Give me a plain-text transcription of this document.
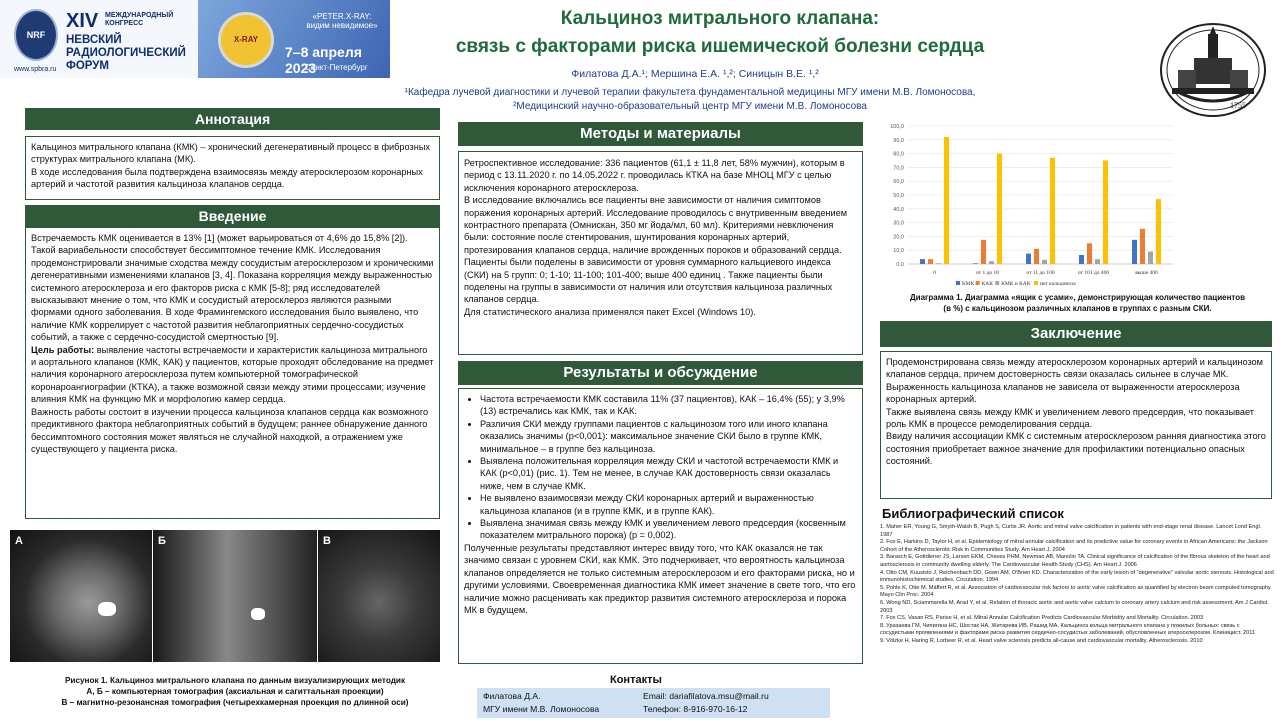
NRF
XIV МЕЖДУНАРОДНЫЙ КОНГРЕСС
НЕВСКИЙ РАДИОЛОГИЧЕСКИЙ ФОРУМ
www.spbra.ru
X-RAY
«PETER.X-RAY: видим невидимое»
7–8 апреля 2023
Санкт-Петербург
Кальциноз митрального клапана:
связь с факторами риска ишемической болезни сердца
Филатова Д.А.¹; Мершина Е.А. ¹,²; Синицын В.Е. ¹,²
¹Кафедра лучевой диагностики и лучевой терапии факультета фундаментальной медицины МГУ имени М.В. Ломоносова,
²Медицинский научно-образовательный центр МГУ имени М.В. Ломоносова	1755
Аннотация

Кальциноз митрального клапана (КМК) – хронический дегенеративный процесс в фиброзных структурах митрального клапана (МК).

В ходе исследования была подтверждена взаимосвязь между атеросклерозом коронарных артерий и частотой развития кальциноза клапанов сердца.

Введение

Встречаемость КМК оценивается в 13% [1] (может варьироваться от 4,6% до 15,8% [2]). Такой вариабельности способствует бессимптомное течение КМК. Исследования продемонстрировали значимые сходства между сосудистым атеросклерозом и хроническими дегенеративными изменениями клапанов [3, 4]. Показана корреляция между выраженностью системного атеросклероза и его факторов риска с КМК [5-8]; ряд исследователей высказывают мнение о том, что КМК и сосудистый атеросклероз являются разными формами одного заболевания. В ходе Фрамингемского исследования было выявлено, что наличие КМК коррелирует с частотой развития неблагоприятных сердечно-сосудистых событий, а также с сердечно-сосудистой смертностью [9].

Цель работы: выявление частоты встречаемости и характеристик кальциноза митрального и аортального клапанов (КМК, КАК) у пациентов, которые проходят обследование на предмет наличия коронарного атеросклероза путем компьютерной томографической коронароангиографии (КТКА), а также возможной связи между этими процессами; изучение влияния КМК на функцию МК и морфологию камер сердца.

Важность работы состоит в изучении процесса кальциноза клапанов сердца как возможного предиктивного фактора неблагоприятных событий в будущем; раннее обнаружение данного бессимптомного состояния может являться не случайной находкой, а отражением уже существующего у пациента риска.

А	Б	В
Рисунок 1. Кальциноз митрального клапана по данным визуализирующих методик
А, Б – компьютерная томография (аксиальная и сагиттальная проекции)
В – магнитно-резонансная томография (четырехкамерная проекция по длинной оси)
Методы и материалы

Ретроспективное исследование: 336 пациентов (61,1 ± 11,8 лет, 58% мужчин), которым в период с 13.11.2020 г. по 14.05.2022 г. проводилась КТКА на базе МНОЦ МГУ с целью исключения коронарного атеросклероза.

В исследование включались все пациенты вне зависимости от наличия симптомов поражения коронарных артерий. Исследование проводилось с внутривенным введением контрастного препарата (Омнискан, 350 мг йода/мл, 60 мл). Критериями невключения были: состояние после стентирования, шунтирования коронарных артерий, протезирования клапанов сердца, наличие врожденных пороков и образований сердца.

Пациенты были поделены в зависимости от уровня суммарного кальциевого индекса (СКИ) на 5 групп: 0; 1-10; 11-100; 101-400; выше 400 единиц . Также пациенты были поделены на группы в зависимости от наличия или отсутствия кальциноза различных клапанов сердца.

Для статистического анализа применялся пакет Excel (Windows 10).

Результаты и обсуждение
• Частота встречаемости КМК составила 11% (37 пациентов), КАК – 16,4% (55); у 3,9% (13) встречались как КМК, так и КАК.
• Различия СКИ между группами пациентов с кальцинозом того или иного клапана оказались значимы (p<0,001): максимальное значение СКИ было в группе КМК, минимальное – в группе без кальциноза.
• Выявлена положительная корреляция между СКИ и частотой встречаемости КМК и КАК (p<0,01) (рис. 1). Тем не менее, в случае КАК достоверность связи оказалась ниже, чем в случае КМК.
• Не выявлено взаимосвязи между СКИ коронарных артерий и выраженностью кальциноза клапанов (и в группе КМК, и в группе КАК).
• Выявлена значимая связь между КМК и увеличением левого предсердия (косвенным показателем митрального порока) (p = 0,002).

Полученные результаты представляют интерес ввиду того, что КАК оказался не так значимо связан с уровнем СКИ, как КМК. Это подчеркивает, что вероятность кальциноза клапанов определяется не только системным атеросклерозом и его факторами риска, но и другими условиями. Своевременная диагностика КМК имеет значение в свете того, что его наличие можно расценивать как предиктор развития системного атеросклероза и порока МК в будущем.

Контакты
Филатова Д.А.	Email: dariafilatova.msu@mail.ru
МГУ имени М.В. Ломоносова	Телефон: 8-916-970-16-12
0,0
10,0
20,0
30,0
40,0
50,0
60,0
70,0
80,0
90,0
100,0
0	от 1 до 10	от 11 до 100	от 101 до 400	выше 400
КМК КАК КМК и КАК нет кальциноза
Диаграмма 1. Диаграмма «ящик с усами», демонстрирующая количество пациентов
(в %) с кальцинозом различных клапанов в группах с разным СКИ.
Заключение

Продемонстрирована связь между атеросклерозом коронарных артерий и кальцинозом клапанов сердца, причем достоверность связи оказалась сильнее в случае МК.

Выраженность кальциноза клапанов не зависела от выраженности атеросклероза коронарных артерий.

Также выявлена связь между КМК и увеличением левого предсердия, что показывает роль КМК в процессе ремоделирования сердца.

Ввиду наличия ассоциации КМК с системным атеросклерозом ранняя диагностика этого состояния приобретает важное значение для профилактики потенциально опасных состояний.

Библиографический список

1. Maher ER, Young G, Smyth-Walsh B, Pugh S, Curtis JR. Aortic and mitral valve calcification in patients with end-stage renal disease. Lancet Lond Engl. 1987

2. Fox E, Harkins D, Taylor H, et al. Epidemiology of mitral annular calcification and its predictive value for coronary events in African Americans: the Jackson Cohort of the Atherosclerotic Risk in Communities Study. Am Heart J. 2004

3. Barasch E, Gottdiener JS, Larsen EKM, Chaves PHM, Newman AB, Manolio TA. Clinical significance of calcification of the fibrous skeleton of the heart and aortosclerosis in community dwelling elderly. The Cardiovascular Health Study (CHS). Am Heart J. 2006

4. Otto CM, Kuusisto J, Reichenbach DD, Gown AM, O'Brien KD. Characterization of the early lesion of "degenerative" valvular aortic stenosis. Histological and immunohistochemical studies. Circulation. 1994

5. Pohle K, Otte M, Mäffert R, et al. Association of cardiovascular risk factors to aortic valve calcification as quantified by electron beam computed tomography. Mayo Clin Proc. 2004

6. Wong ND, Sciammarella M, Arad Y, et al. Relation of thoracic aortic and aortic valve calcium to coronary artery calcium and risk assessment. Am J Cardiol. 2003

7. Fox CS, Vasan RS, Parise H, et al. Mitral Annular Calcification Predicts Cardiovascular Morbidity and Mortality. Circulation. 2003

8. Уразаева ГМ, Чипигина НС, Шостак НА, Житарева ИВ, Рашид МА. Кальциноз кольца митрального клапана у пожилых больных: связь с сосудистыми проявлениями и факторами риска развития сердечно-сосудистых заболеваний, обусловленных атеросклерозом. Клиницист. 2011

9. Völzke H, Haring R, Lorbeer R, et al. Heart valve sclerosis predicts all-cause and cardiovascular mortality. Atherosclerosis. 2010
